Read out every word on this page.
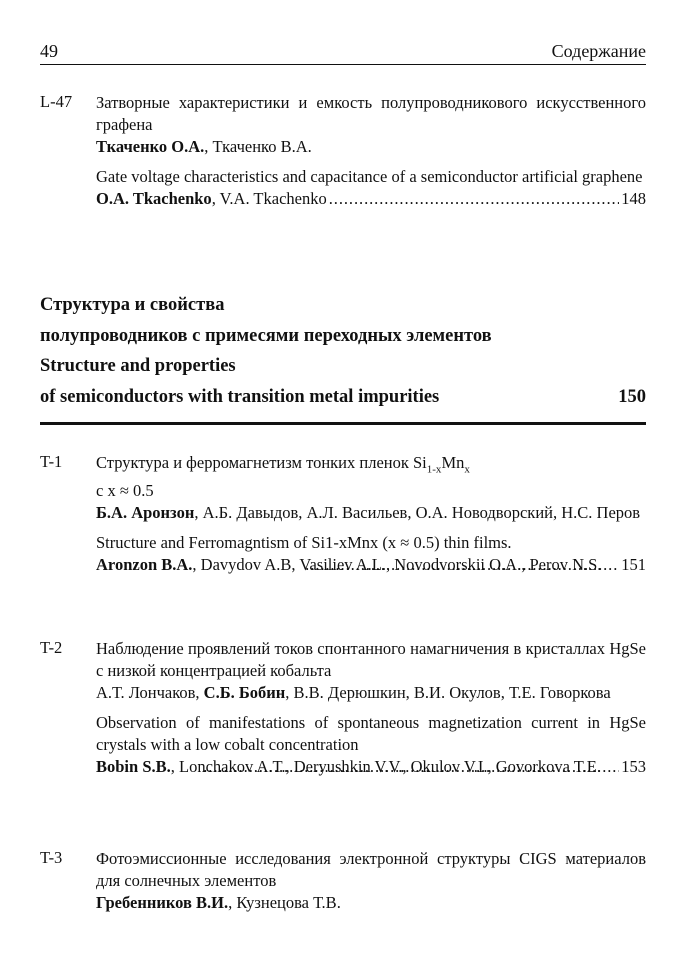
49	Содержание
L-47	Затворные характеристики и емкость полупроводникового искусственного графена
Ткаченко О.А., Ткаченко В.А.
Gate voltage characteristics and capacitance of a semiconductor artificial graphene
O.A. Tkachenko, V.A. Tkachenko . . .	148
Структура и свойства
полупроводников с примесями переходных элементов
Structure and properties
of semiconductors with transition metal impurities	150
T-1	Структура и ферромагнетизм тонких пленок $Si_{1-x}Mn_x$
с x ≈ 0.5
Б.А. Аронзон, А.Б. Давыдов, А.Л. Васильев, О.А. Новодворский, Н.С. Перов
Structure and Ferromagntism of Si1-xMnx (x ≈ 0.5) thin films.
Aronzon B.A., Davydov A.B, Vasiliev A.L., Novodvorskii O.A., Perov N.S. . . .	151
T-2	Наблюдение проявлений токов спонтанного намагничения в кристаллах HgSe с низкой концентрацией кобальта
А.Т. Лончаков, С.Б. Бобин, В.В. Дерюшкин, В.И. Окулов, Т.Е. Говоркова
Observation of manifestations of spontaneous magnetization current in HgSe crystals with a low cobalt concentration
Bobin S.B., Lonchakov A.T., Deryushkin V.V., Okulov V.I., Govorkova T.E. . . .	153
T-3	Фотоэмиссионные исследования электронной структуры CIGS материалов для солнечных элементов
Гребенников В.И., Кузнецова Т.В.
